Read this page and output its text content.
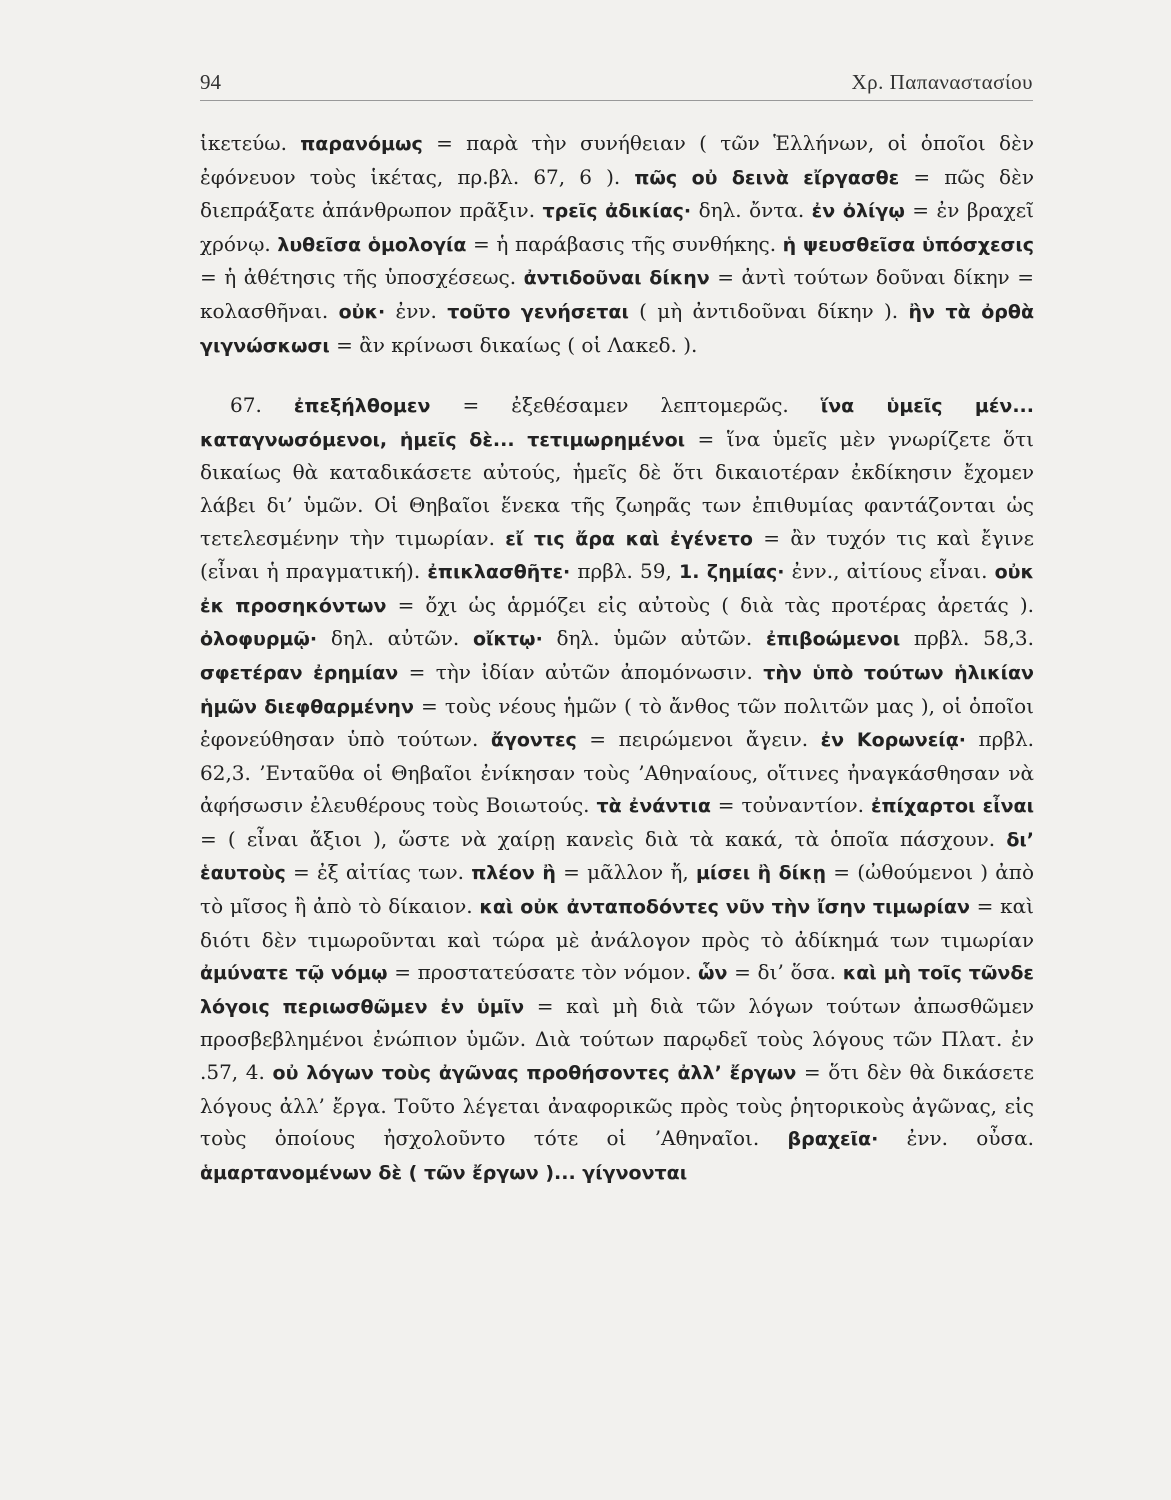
94	Χρ. Παπαναστασίου

ἱκετεύω. παρανόμως = παρὰ τὴν συνήθειαν ( τῶν Ἑλλήνων, οἱ ὁποῖοι δὲν ἐφόνευον τοὺς ἱκέτας, πρ.βλ. 67, 6 ). πῶς οὐ δεινὰ εἴργασθε = πῶς δὲν διεπράξατε ἀπάνθρωπον πρᾶξιν. τρεῖς ἀδικίας· δηλ. ὄντα. ἐν ὀλίγῳ = ἐν βραχεῖ χρόνῳ. λυθεῖσα ὁμολογία = ἡ παράβασις τῆς συνθήκης. ἡ ψευσθεῖσα ὑπόσχεσις = ἡ ἀθέτησις τῆς ὑποσχέσεως. ἀντιδοῦναι δίκην = ἀντὶ τούτων δοῦναι δίκην = κολασθῆναι. οὐκ· ἐνν. τοῦτο γενήσεται ( μὴ ἀντιδοῦναι δίκην ). ἢν τὰ ὀρθὰ γιγνώσκωσι = ἂν κρίνωσι δικαίως ( οἱ Λακεδ. ).

67. ἐπεξήλθομεν = ἐξεθέσαμεν λεπτομερῶς. ἵνα ὑμεῖς μέν... καταγνωσόμενοι, ἡμεῖς δὲ... τετιμωρημένοι = ἵνα ὑμεῖς μὲν γνωρίζετε ὅτι δικαίως θὰ καταδικάσετε αὐτούς, ἡμεῖς δὲ ὅτι δικαιοτέραν ἐκδίκησιν ἔχομεν λάβει δι’ ὑμῶν. Οἱ Θηβαῖοι ἕνεκα τῆς ζωηρᾶς των ἐπιθυμίας φαντάζονται ὡς τετελεσμένην τὴν τιμωρίαν. εἴ τις ἄρα καὶ ἐγένετο = ἂν τυχόν τις καὶ ἔγινε (εἶναι ἡ πραγματική). ἐπικλασθῆτε· πρβλ. 59, 1. ζημίας· ἐνν., αἰτίους εἶναι. οὐκ ἐκ προσηκόντων = ὄχι ὡς ἁρμόζει εἰς αὐτοὺς ( διὰ τὰς προτέρας ἀρετάς ). ὀλοφυρμῷ· δηλ. αὐτῶν. οἴκτῳ· δηλ. ὑμῶν αὐτῶν. ἐπιβοώμενοι πρβλ. 58,3. σφετέραν ἐρημίαν = τὴν ἰδίαν αὐτῶν ἀπομόνωσιν. τὴν ὑπὸ τούτων ἡλικίαν ἡμῶν διεφθαρμένην = τοὺς νέους ἡμῶν ( τὸ ἄνθος τῶν πολιτῶν μας ), οἱ ὁποῖοι ἐφονεύθησαν ὑπὸ τούτων. ἄγοντες = πειρώμενοι ἄγειν. ἐν Κορωνείᾳ· πρβλ. 62,3. ’Ενταῦθα οἱ Θηβαῖοι ἐνίκησαν τοὺς ’Αθηναίους, οἵτινες ἠναγκάσθησαν νὰ ἀφήσωσιν ἐλευθέρους τοὺς Βοιωτούς. τὰ ἐνάντια = τοὐναντίον. ἐπίχαρτοι εἶναι = ( εἶναι ἄξιοι ), ὥστε νὰ χαίρῃ κανεὶς διὰ τὰ κακά, τὰ ὁποῖα πάσχουν. δι’ ἑαυτοὺς = ἐξ αἰτίας των. πλέον ἢ = μᾶλλον ἤ, μίσει ἢ δίκῃ = (ὠθούμενοι ) ἀπὸ τὸ μῖσος ἢ ἀπὸ τὸ δίκαιον. καὶ οὐκ ἀνταποδόντες νῦν τὴν ἴσην τιμωρίαν = καὶ διότι δὲν τιμωροῦνται καὶ τώρα μὲ ἀνάλογον πρὸς τὸ ἀδίκημά των τιμωρίαν ἀμύνατε τῷ νόμῳ = προστατεύσατε τὸν νόμον. ὧν = δι’ ὅσα. καὶ μὴ τοῖς τῶνδε λόγοις περιωσθῶμεν ἐν ὑμῖν = καὶ μὴ διὰ τῶν λόγων τούτων ἀπωσθῶμεν προσβεβλημένοι ἐνώπιον ὑμῶν. Διὰ τούτων παρῳδεῖ τοὺς λόγους τῶν Πλατ. ἐν .57, 4. οὐ λόγων τοὺς ἀγῶνας προθήσοντες ἀλλ’ ἔργων = ὅτι δὲν θὰ δικάσετε λόγους ἀλλ’ ἔργα. Τοῦτο λέγεται ἀναφορικῶς πρὸς τοὺς ῥητορικοὺς ἀγῶνας, εἰς τοὺς ὁποίους ἠσχολοῦντο τότε οἱ ’Αθηναῖοι. βραχεῖα· ἐνν. οὖσα. ἁμαρτανομένων δὲ ( τῶν ἔργων )... γίγνονται
